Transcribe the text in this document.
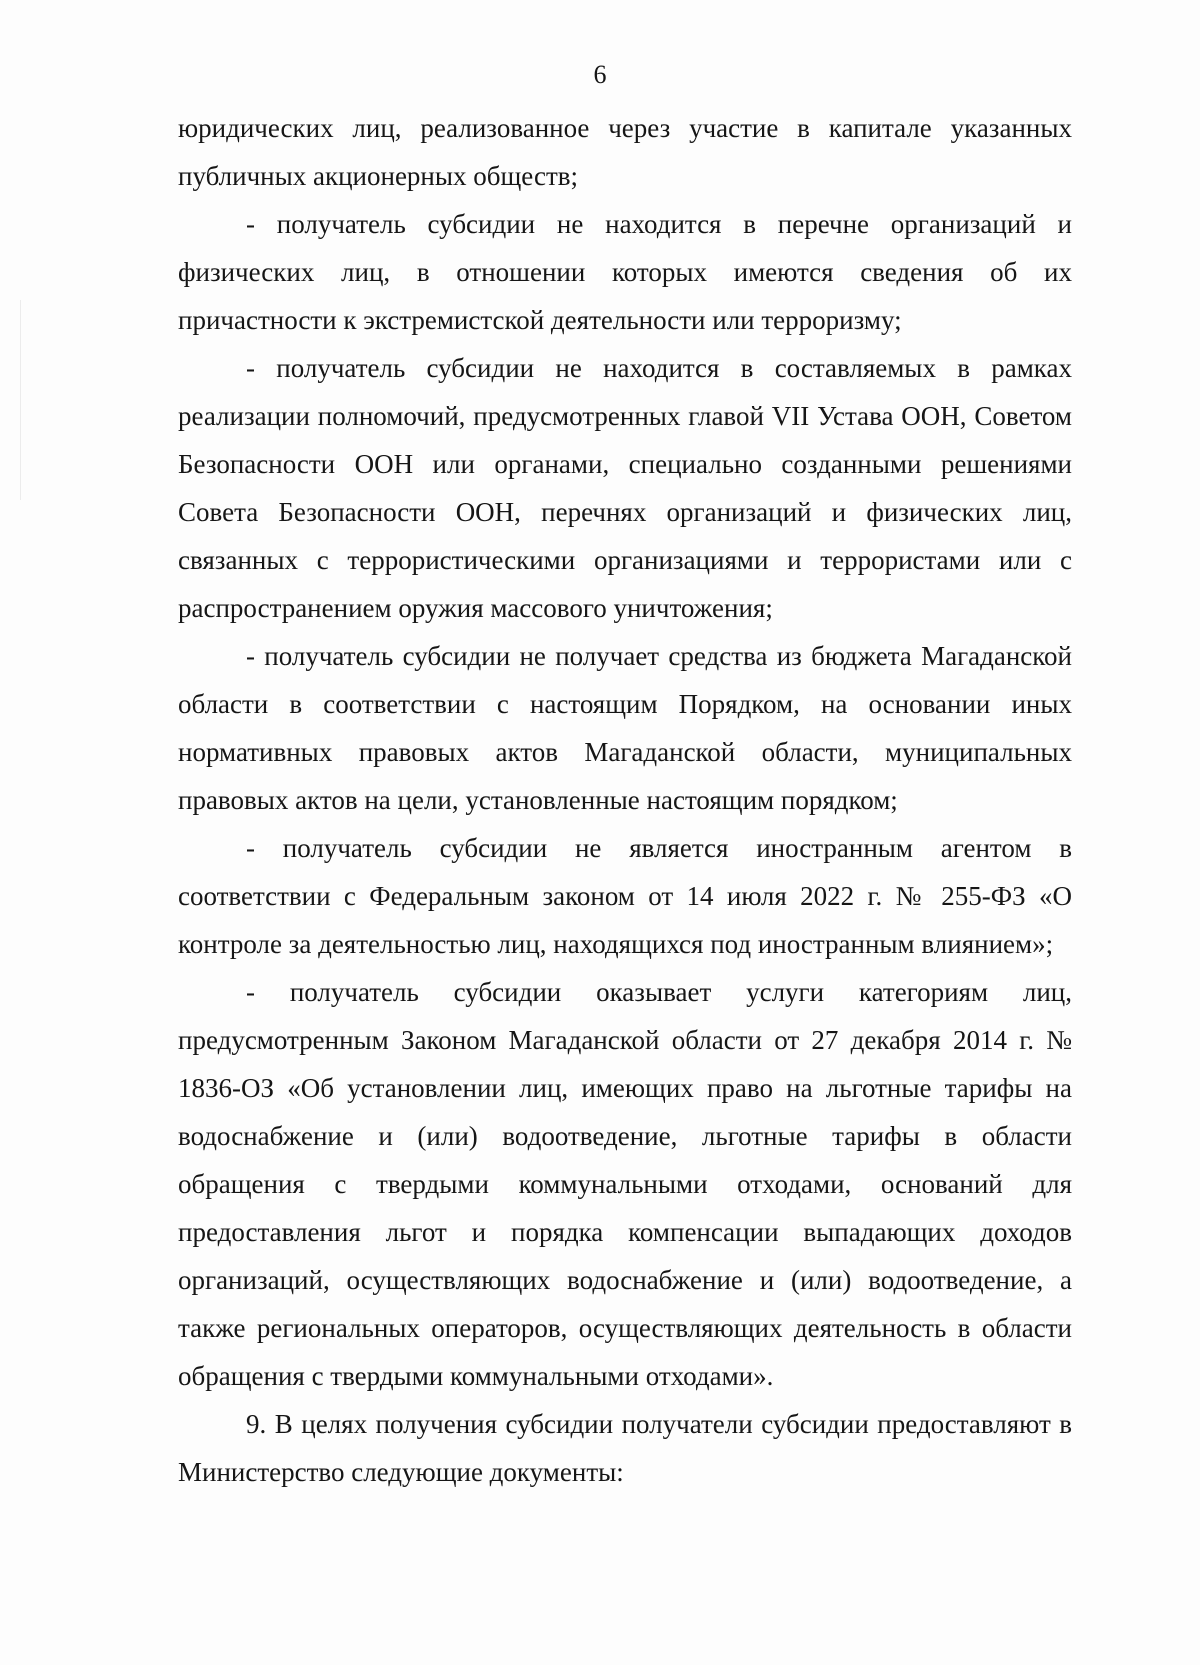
6

юридических лиц, реализованное через участие в капитале указанных публичных акционерных обществ;

- получатель субсидии не находится в перечне организаций и физических лиц, в отношении которых имеются сведения об их причастности к экстремистской деятельности или терроризму;

- получатель субсидии не находится в составляемых в рамках реализации полномочий, предусмотренных главой VII Устава ООН, Советом Безопасности ООН или органами, специально созданными решениями Совета Безопасности ООН, перечнях организаций и физических лиц, связанных с террористическими организациями и террористами или с распространением оружия массового уничтожения;

- получатель субсидии не получает средства из бюджета Магаданской области в соответствии с настоящим Порядком, на основании иных нормативных правовых актов Магаданской области, муниципальных правовых актов на цели, установленные настоящим порядком;

- получатель субсидии не является иностранным агентом в соответствии с Федеральным законом от 14 июля 2022 г. № 255-ФЗ «О контроле за деятельностью лиц, находящихся под иностранным влиянием»;

- получатель субсидии оказывает услуги категориям лиц, предусмотренным Законом Магаданской области от 27 декабря 2014 г. № 1836-ОЗ «Об установлении лиц, имеющих право на льготные тарифы на водоснабжение и (или) водоотведение, льготные тарифы в области обращения с твердыми коммунальными отходами, оснований для предоставления льгот и порядка компенсации выпадающих доходов организаций, осуществляющих водоснабжение и (или) водоотведение, а также региональных операторов, осуществляющих деятельность в области обращения с твердыми коммунальными отходами».

9. В целях получения субсидии получатели субсидии предоставляют в Министерство следующие документы:
